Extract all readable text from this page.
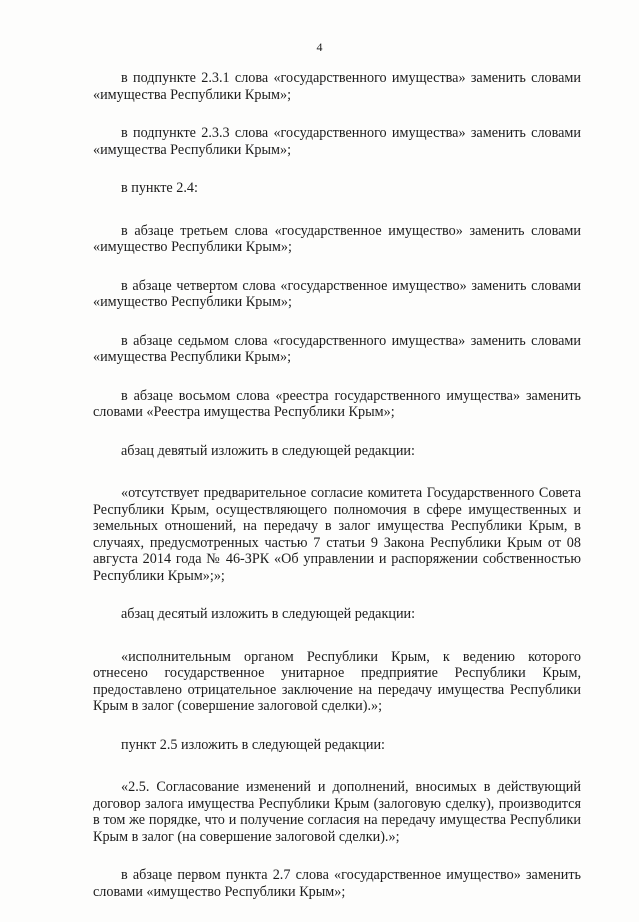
4

в подпункте 2.3.1 слова «государственного имущества» заменить словами «имущества Республики Крым»;

в подпункте 2.3.3 слова «государственного имущества» заменить словами «имущества Республики Крым»;

в пункте 2.4:

в абзаце третьем слова «государственное имущество» заменить словами «имущество Республики Крым»;

в абзаце четвертом слова «государственное имущество» заменить словами «имущество Республики Крым»;

в абзаце седьмом слова «государственного имущества» заменить словами «имущества Республики Крым»;

в абзаце восьмом слова «реестра государственного имущества» заменить словами «Реестра имущества Республики Крым»;

абзац девятый изложить в следующей редакции:

«отсутствует предварительное согласие комитета Государственного Совета Республики Крым, осуществляющего полномочия в сфере имущественных и земельных отношений, на передачу в залог имущества Республики Крым, в случаях, предусмотренных частью 7 статьи 9 Закона Республики Крым от 08 августа 2014 года № 46-ЗРК «Об управлении и распоряжении собственностью Республики Крым»;»;

абзац десятый изложить в следующей редакции:

«исполнительным органом Республики Крым, к ведению которого отнесено государственное унитарное предприятие Республики Крым, предоставлено отрицательное заключение на передачу имущества Республики Крым в залог (совершение залоговой сделки).»;

пункт 2.5 изложить в следующей редакции:

«2.5. Согласование изменений и дополнений, вносимых в действующий договор залога имущества Республики Крым (залоговую сделку), производится в том же порядке, что и получение согласия на передачу имущества Республики Крым в залог (на совершение залоговой сделки).»;

в абзаце первом пункта 2.7 слова «государственное имущество» заменить словами «имущество Республики Крым»;
